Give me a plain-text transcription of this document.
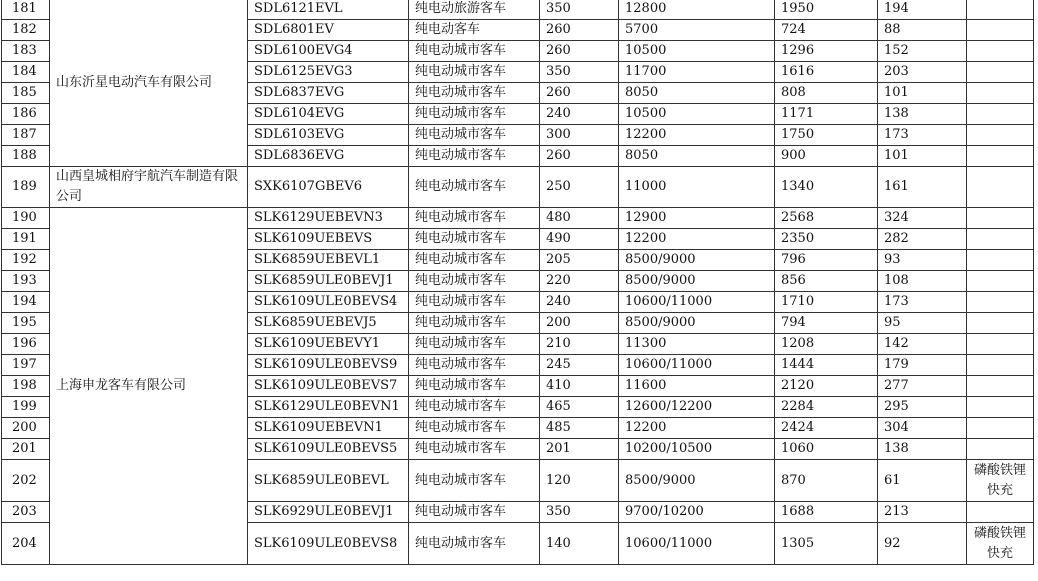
181	山东沂星电动汽车有限公司	SDL6121EVL	纯电动旅游客车	350	12800	1950	194	
182		SDL6801EV	纯电动客车	260	5700	724	88	
183		SDL6100EVG4	纯电动城市客车	260	10500	1296	152	
184		SDL6125EVG3	纯电动城市客车	350	11700	1616	203	
185		SDL6837EVG	纯电动城市客车	260	8050	808	101	
186		SDL6104EVG	纯电动城市客车	240	10500	1171	138	
187		SDL6103EVG	纯电动城市客车	300	12200	1750	173	
188		SDL6836EVG	纯电动城市客车	260	8050	900	101	
189	山西皇城相府宇航汽车制造有限公司	SXK6107GBEV6	纯电动城市客车	250	11000	1340	161	
190	上海申龙客车有限公司	SLK6129UEBEVN3	纯电动城市客车	480	12900	2568	324	
191		SLK6109UEBEVS	纯电动城市客车	490	12200	2350	282	
192		SLK6859UEBEVL1	纯电动城市客车	205	8500/9000	796	93	
193		SLK6859ULE0BEVJ1	纯电动城市客车	220	8500/9000	856	108	
194		SLK6109ULE0BEVS4	纯电动城市客车	240	10600/11000	1710	173	
195		SLK6859UEBEVJ5	纯电动城市客车	200	8500/9000	794	95	
196		SLK6109UEBEVY1	纯电动城市客车	210	11300	1208	142	
197		SLK6109ULE0BEVS9	纯电动城市客车	245	10600/11000	1444	179	
198		SLK6109ULE0BEVS7	纯电动城市客车	410	11600	2120	277	
199		SLK6129ULE0BEVN1	纯电动城市客车	465	12600/12200	2284	295	
200		SLK6109UEBEVN1	纯电动城市客车	485	12200	2424	304	
201		SLK6109ULE0BEVS5	纯电动城市客车	201	10200/10500	1060	138	
202		SLK6859ULE0BEVL	纯电动城市客车	120	8500/9000	870	61	磷酸铁锂快充
203		SLK6929ULE0BEVJ1	纯电动城市客车	350	9700/10200	1688	213	
204		SLK6109ULE0BEVS8	纯电动城市客车	140	10600/11000	1305	92	磷酸铁锂快充
